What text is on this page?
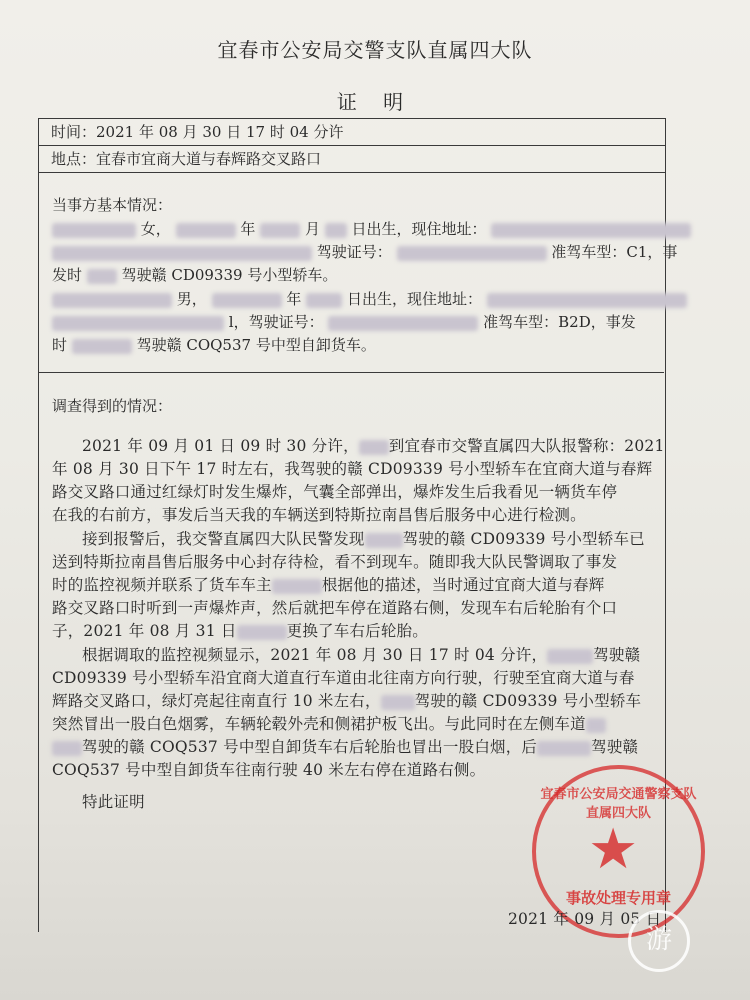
宜春市公安局交警支队直属四大队
证 明
时间：2021 年 08 月 30 日 17 时 04 分许
地点：宜春市宜商大道与春辉路交叉路口
当事方基本情况：
女，	年	月 日出生，现住地址：
驾驶证号：	准驾车型：C1，事
发时	驾驶赣 CD09339 号小型轿车。
男，	年	日出生，现住地址：
l，驾驶证号：	准驾车型：B2D，事发
时	驾驶赣 COQ537 号中型自卸货车。
调查得到的情况：
2021 年 09 月 01 日 09 时 30 分许， 到宜春市交警直属四大队报警称：2021
年 08 月 30 日下午 17 时左右，我驾驶的赣 CD09339 号小型轿车在宜商大道与春辉
路交叉路口通过红绿灯时发生爆炸，气囊全部弹出，爆炸发生后我看见一辆货车停
在我的右前方，事发后当天我的车辆送到特斯拉南昌售后服务中心进行检测。
接到报警后，我交警直属四大队民警发现 驾驶的赣 CD09339 号小型轿车已
送到特斯拉南昌售后服务中心封存待检，看不到现车。随即我大队民警调取了事发
时的监控视频并联系了货车车主	根据他的描述，当时通过宜商大道与春辉
路交叉路口时听到一声爆炸声，然后就把车停在道路右侧，发现车右后轮胎有个口
子，2021 年 08 月 31 日	更换了车右后轮胎。
根据调取的监控视频显示，2021 年 08 月 30 日 17 时 04 分许，	驾驶赣
CD09339 号小型轿车沿宜商大道直行车道由北往南方向行驶，行驶至宜商大道与春
辉路交叉路口，绿灯亮起往南直行 10 米左右， 驾驶的赣 CD09339 号小型轿车
突然冒出一股白色烟雾，车辆轮毂外壳和侧裙护板飞出。与此同时在左侧车道
驾驶的赣 COQ537 号中型自卸货车右后轮胎也冒出一股白烟，后	驾驶赣
COQ537 号中型自卸货车往南行驶 40 米左右停在道路右侧。
特此证明	宜春市公安局交通警察支队直属四大队
★
事故处理专用章
2021 年 09 月 05 日
游
